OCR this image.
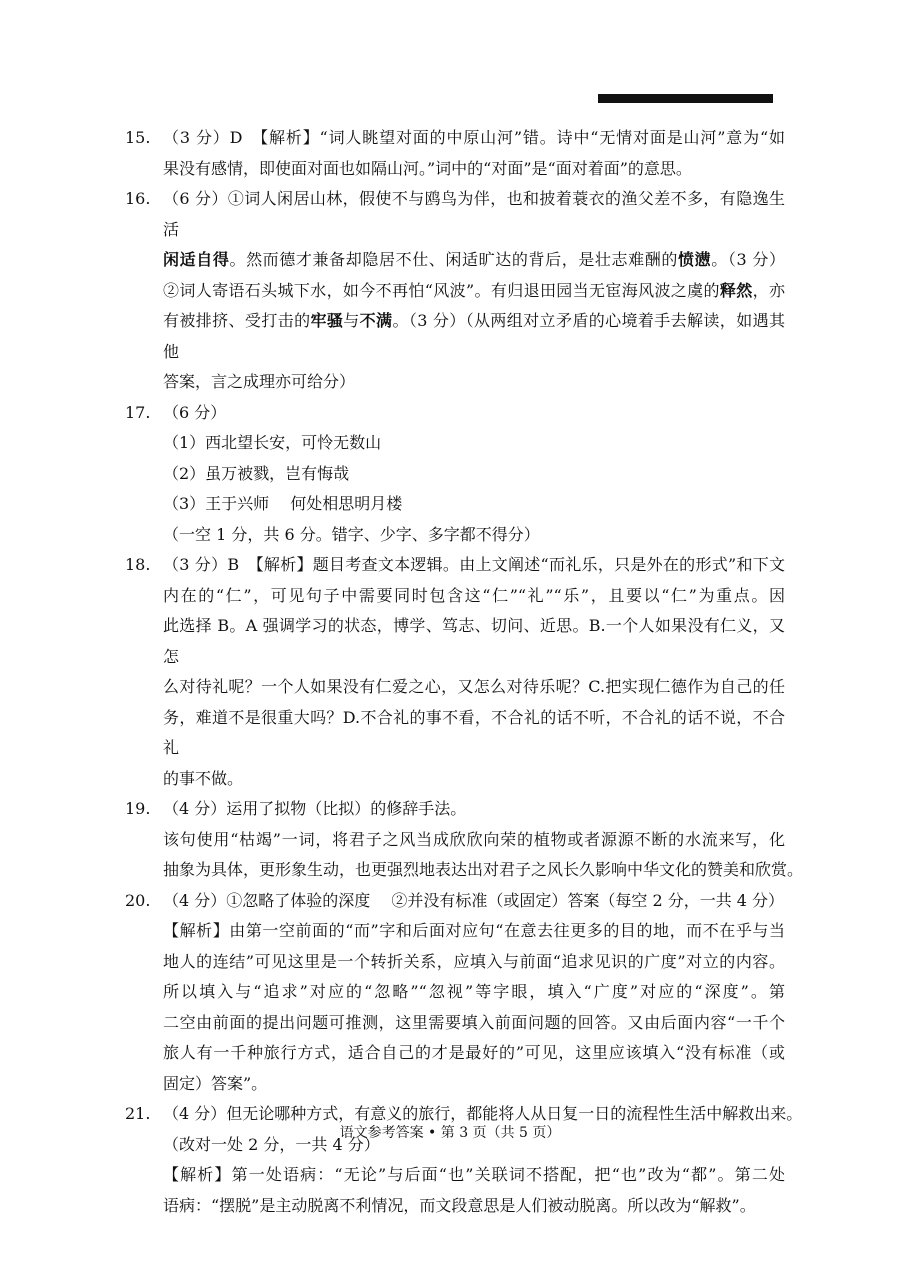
15. （3 分）D　【解析】“词人眺望对面的中原山河”错。诗中“无情对面是山河”意为“如
果没有感情，即使面对面也如隔山河。”词中的“对面”是“面对着面”的意思。
16. （6 分）①词人闲居山林，假使不与鸥鸟为伴，也和披着蓑衣的渔父差不多，有隐逸生活
闲适自得。然而德才兼备却隐居不仕、闲适旷达的背后，是壮志难酬的愤懑。（3 分）
②词人寄语石头城下水，如今不再怕“风波”。有归退田园当无宦海风波之虞的释然，亦
有被排挤、受打击的牢骚与不满。（3 分）（从两组对立矛盾的心境着手去解读，如遇其他
答案，言之成理亦可给分）
17. （6 分）
（1）西北望长安，可怜无数山
（2）虽万被戮，岂有悔哉
（3）王于兴师　 何处相思明月楼
（一空 1 分，共 6 分。错字、少字、多字都不得分）
18. （3 分）B　【解析】题目考查文本逻辑。由上文阐述“而礼乐，只是外在的形式”和下文
内在的“仁”，可见句子中需要同时包含这“仁”“礼”“乐”，且要以“仁”为重点。因
此选择 B。A 强调学习的状态，博学、笃志、切问、近思。B.一个人如果没有仁义，又怎
么对待礼呢？一个人如果没有仁爱之心，又怎么对待乐呢？C.把实现仁德作为自己的任
务，难道不是很重大吗？D.不合礼的事不看，不合礼的话不听，不合礼的话不说，不合礼
的事不做。
19. （4 分）运用了拟物（比拟）的修辞手法。
该句使用“枯竭”一词，将君子之风当成欣欣向荣的植物或者源源不断的水流来写，化
抽象为具体，更形象生动，也更强烈地表达出对君子之风长久影响中华文化的赞美和欣赏。
20. （4 分）①忽略了体验的深度　 ②并没有标准（或固定）答案（每空 2 分，一共 4 分）
【解析】由第一空前面的“而”字和后面对应句“在意去往更多的目的地，而不在乎与当
地人的连结”可见这里是一个转折关系，应填入与前面“追求见识的广度”对立的内容。
所以填入与“追求”对应的“忽略”“忽视”等字眼，填入“广度”对应的“深度”。第
二空由前面的提出问题可推测，这里需要填入前面问题的回答。又由后面内容“一千个
旅人有一千种旅行方式，适合自己的才是最好的”可见，这里应该填入“没有标准（或
固定）答案”。
21. （4 分）但无论哪种方式，有意义的旅行，都能将人从日复一日的流程性生活中解救出来。
（改对一处 2 分，一共 4 分）
【解析】第一处语病：“无论”与后面“也”关联词不搭配，把“也”改为“都”。第二处
语病：“摆脱”是主动脱离不利情况，而文段意思是人们被动脱离。所以改为“解救”。
语文参考答案 • 第 3 页（共 5 页）
